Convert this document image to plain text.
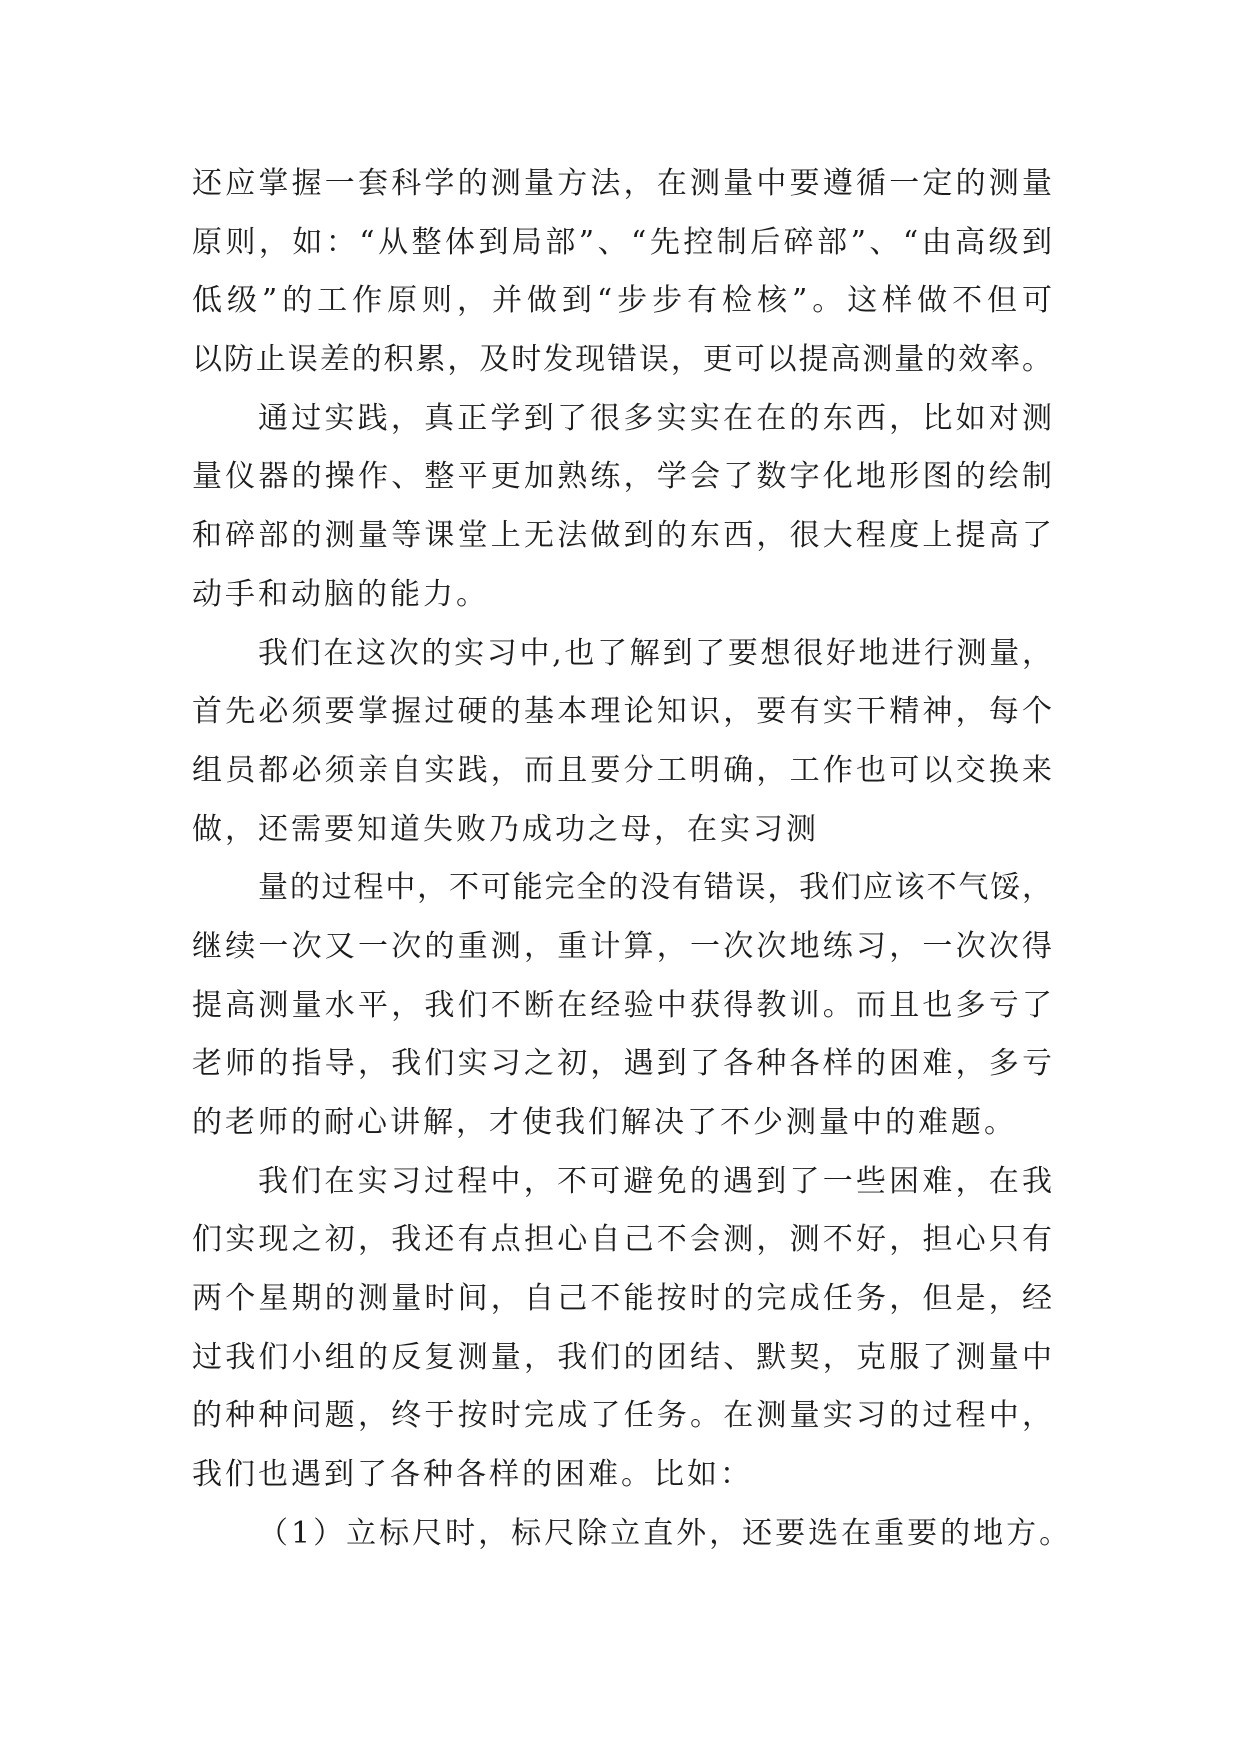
还应掌握一套科学的测量方法，在测量中要遵循一定的测量
原则，如：“从整体到局部”、“先控制后碎部”、“由高级到
低级”的工作原则，并做到“步步有检核”。这样做不但可
以防止误差的积累，及时发现错误，更可以提高测量的效率。
通过实践，真正学到了很多实实在在的东西，比如对测
量仪器的操作、整平更加熟练，学会了数字化地形图的绘制
和碎部的测量等课堂上无法做到的东西，很大程度上提高了
动手和动脑的能力。
我们在这次的实习中,也了解到了要想很好地进行测量，
首先必须要掌握过硬的基本理论知识，要有实干精神，每个
组员都必须亲自实践，而且要分工明确，工作也可以交换来
做，还需要知道失败乃成功之母，在实习测
量的过程中，不可能完全的没有错误，我们应该不气馁，
继续一次又一次的重测，重计算，一次次地练习，一次次得
提高测量水平，我们不断在经验中获得教训。而且也多亏了
老师的指导，我们实习之初，遇到了各种各样的困难，多亏
的老师的耐心讲解，才使我们解决了不少测量中的难题。
我们在实习过程中，不可避免的遇到了一些困难，在我
们实现之初，我还有点担心自己不会测，测不好，担心只有
两个星期的测量时间，自己不能按时的完成任务，但是，经
过我们小组的反复测量，我们的团结、默契，克服了测量中
的种种问题，终于按时完成了任务。在测量实习的过程中，
我们也遇到了各种各样的困难。比如：
（1）立标尺时，标尺除立直外，还要选在重要的地方。
